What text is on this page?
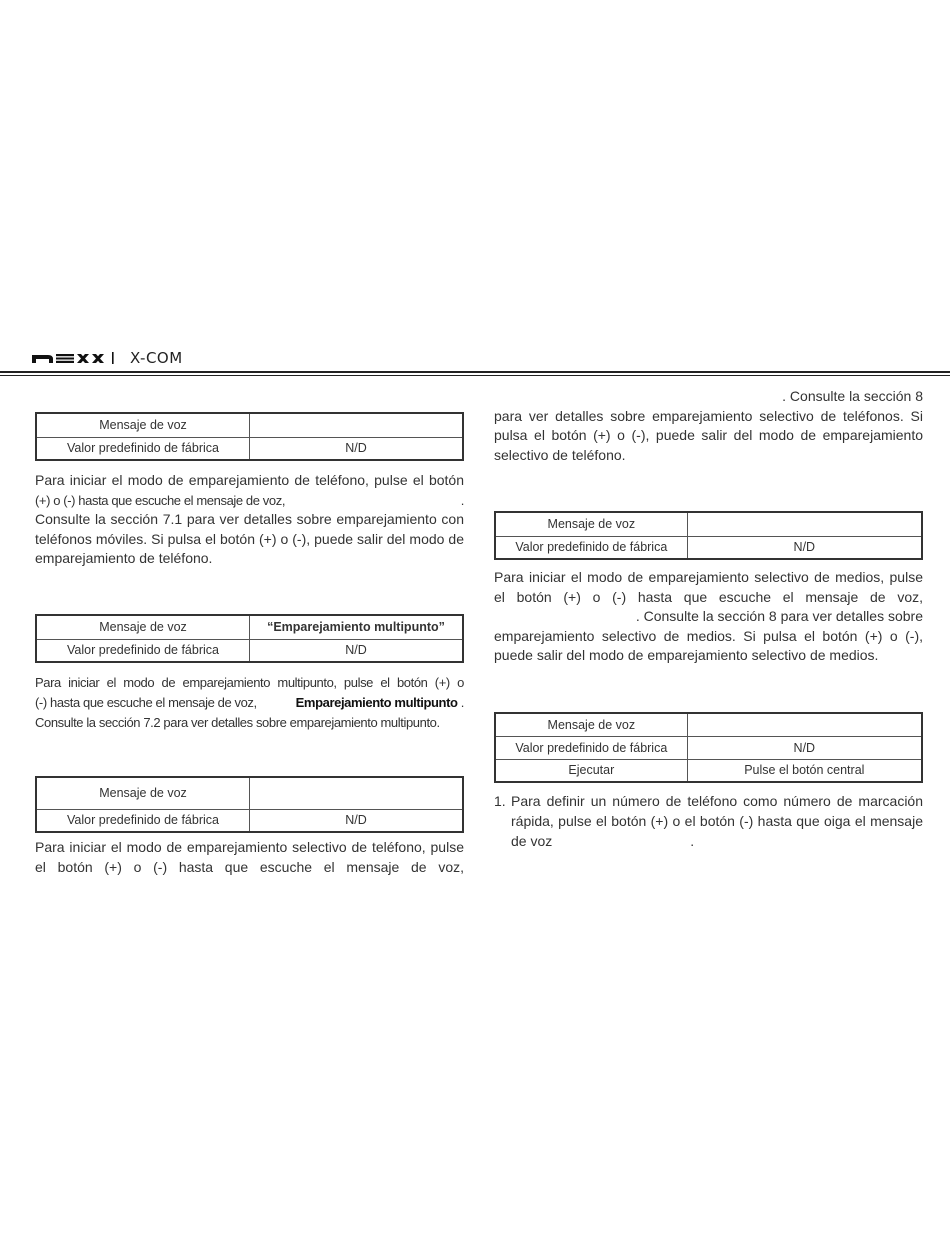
X-COM
Mensaje de voz	
Valor predefinido de fábrica	N/D
Para iniciar el modo de emparejamiento de teléfono, pulse el botón
(+) o (-) hasta que escuche el mensaje de voz,	.
Consulte la sección 7.1 para ver detalles sobre emparejamiento con teléfonos móviles. Si pulsa el botón (+) o (-), puede salir del modo de emparejamiento de teléfono.
Mensaje de voz	“Emparejamiento multipunto”
Valor predefinido de fábrica	N/D
Para iniciar el modo de emparejamiento multipunto, pulse el botón (+) o
(-) hasta que escuche el mensaje de voz,	Emparejamiento multipunto .
Consulte la sección 7.2 para ver detalles sobre emparejamiento multipunto.
Mensaje de voz	
Valor predefinido de fábrica	N/D
Para iniciar el modo de emparejamiento selectivo de teléfono, pulse el botón (+) o (-) hasta que escuche el mensaje de voz,
. Consulte la sección 8
para ver detalles sobre emparejamiento selectivo de teléfonos. Si pulsa el botón (+) o (-), puede salir del modo de emparejamiento selectivo de teléfono.
Mensaje de voz	
Valor predefinido de fábrica	N/D
Para iniciar el modo de emparejamiento selectivo de medios, pulse el botón (+) o (-) hasta que escuche el mensaje de voz,
. Consulte la sección 8 para ver detalles sobre
emparejamiento selectivo de medios. Si pulsa el botón (+) o (-), puede salir del modo de emparejamiento selectivo de medios.
Mensaje de voz	
Valor predefinido de fábrica	N/D
Ejecutar	Pulse el botón central
1. Para definir un número de teléfono como número de marcación rápida, pulse el botón (+) o el botón (-) hasta que oiga el mensaje de voz	.
